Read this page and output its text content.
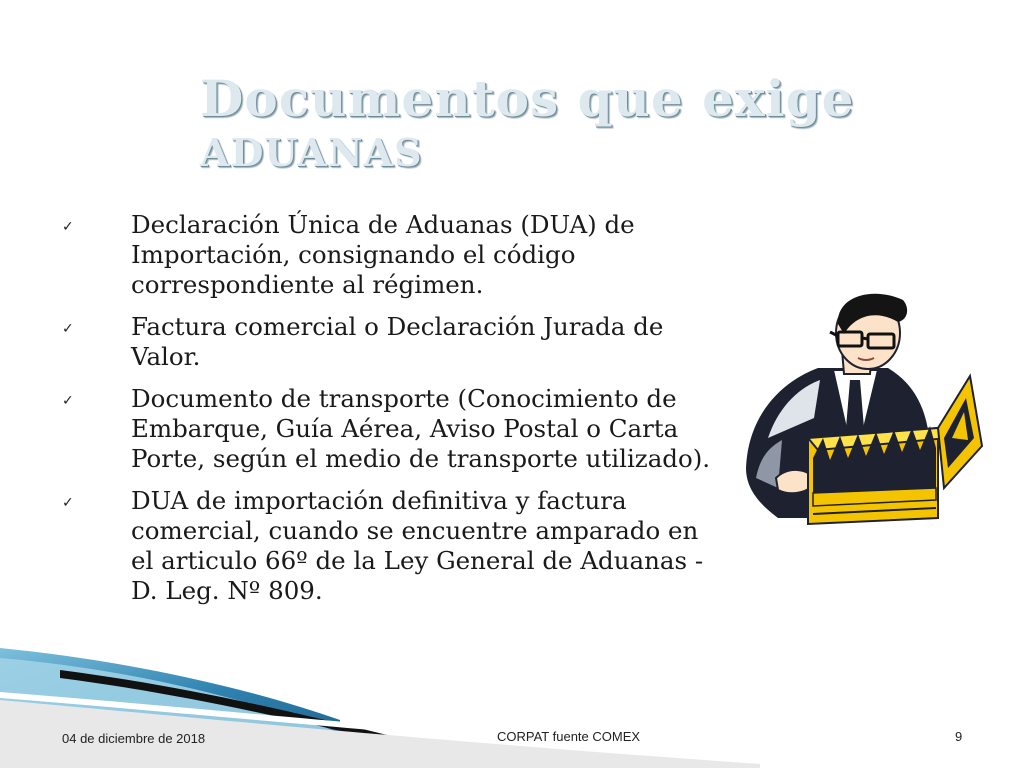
Documentos que exige
ADUANAS
✓ Declaración Única de Aduanas (DUA) de Importación, consignando el código correspondiente al régimen.
✓ Factura comercial o Declaración Jurada de Valor.
✓ Documento de transporte (Conocimiento de Embarque, Guía Aérea, Aviso Postal o Carta Porte, según el medio de transporte utilizado).
✓ DUA de importación definitiva y factura comercial, cuando se encuentre amparado en el articulo 66º de la Ley General de Aduanas - D. Leg. Nº 809.
04 de diciembre de 2018	CORPAT fuente COMEX	9
